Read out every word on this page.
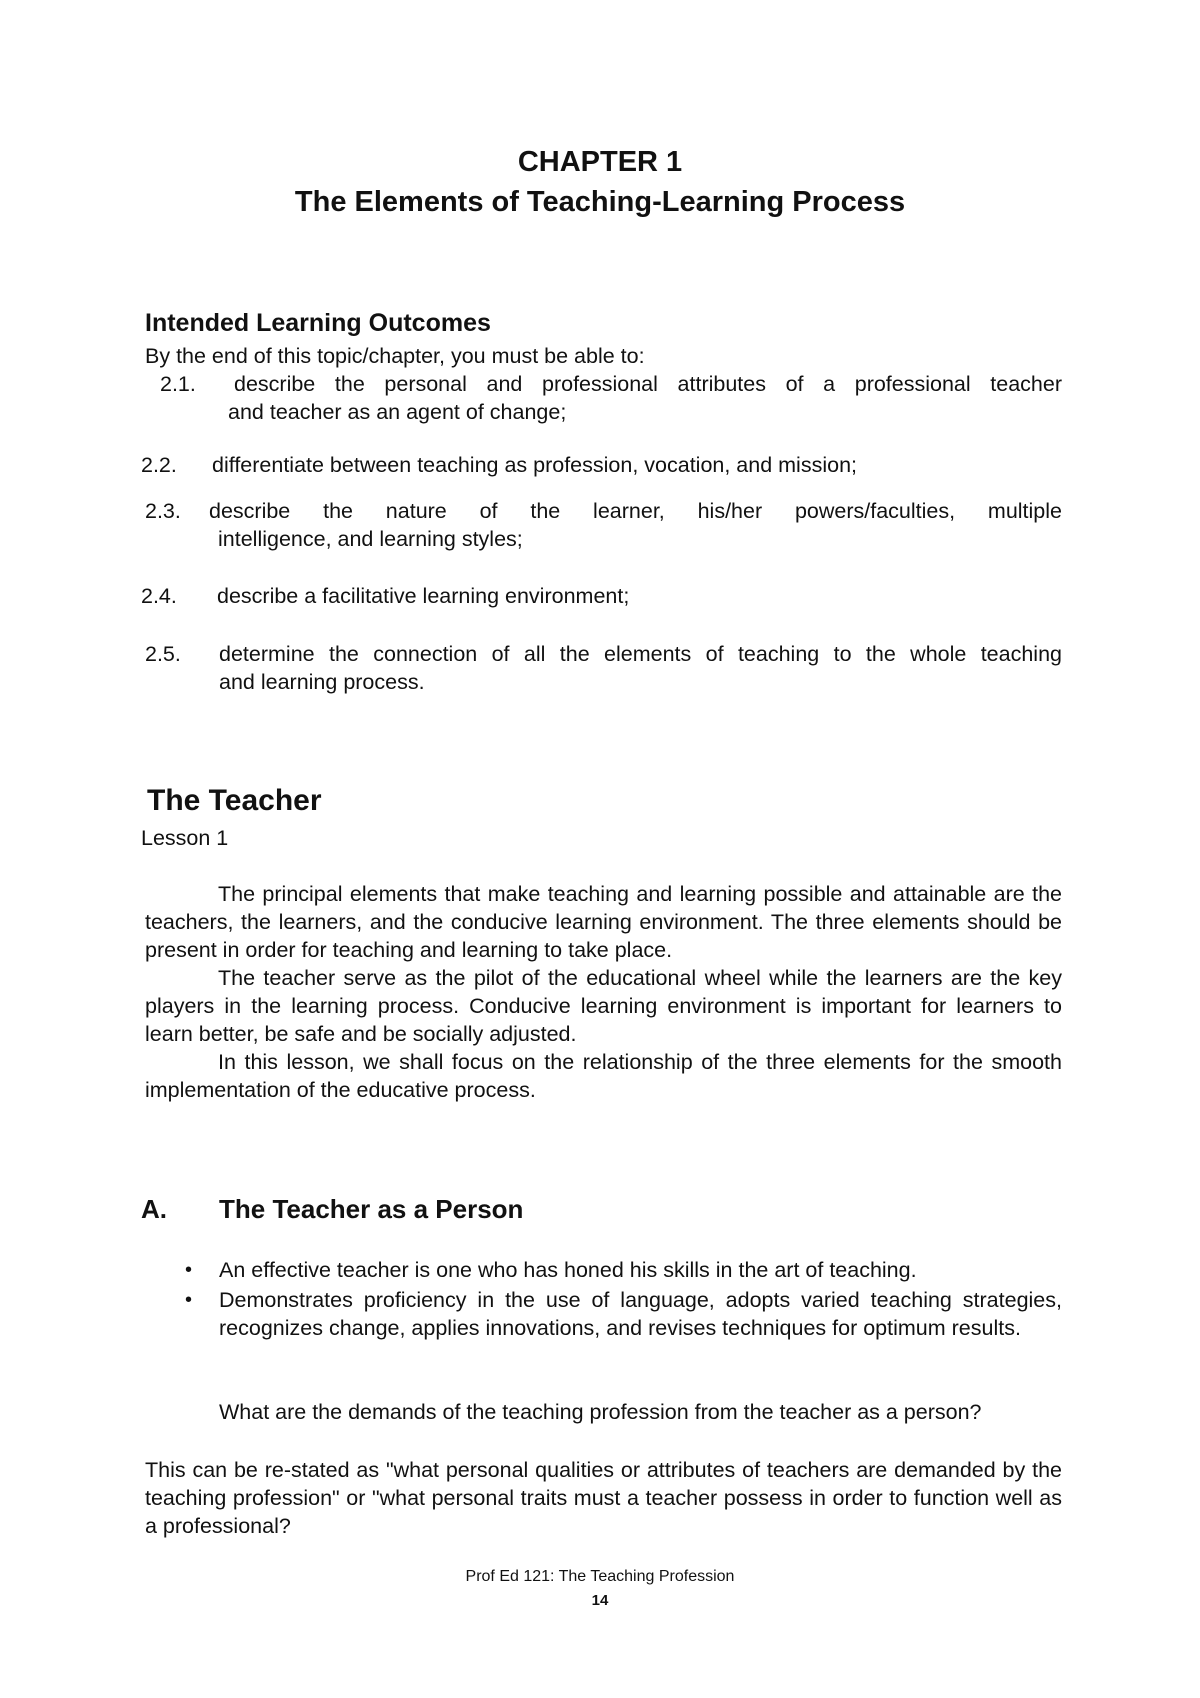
CHAPTER 1
The Elements of Teaching-Learning Process
Intended Learning Outcomes
By the end of this topic/chapter, you must be able to:
2.1. describe the personal and professional attributes of a professional teacher
and teacher as an agent of change;
2.2. differentiate between teaching as profession, vocation, and mission;
2.3. describe the nature of the learner, his/her powers/faculties, multiple
intelligence, and learning styles;
2.4. describe a facilitative learning environment;
2.5. determine the connection of all the elements of teaching to the whole teaching
and learning process.
The Teacher
Lesson 1

The principal elements that make teaching and learning possible and attainable are the teachers, the learners, and the conducive learning environment. The three elements should be present in order for teaching and learning to take place.

The teacher serve as the pilot of the educational wheel while the learners are the key players in the learning process. Conducive learning environment is important for learners to learn better, be safe and be socially adjusted.

In this lesson, we shall focus on the relationship of the three elements for the smooth implementation of the educative process.

A. The Teacher as a Person
• An effective teacher is one who has honed his skills in the art of teaching.
• Demonstrates proficiency in the use of language, adopts varied teaching strategies, recognizes change, applies innovations, and revises techniques for optimum results.
What are the demands of the teaching profession from the teacher as a person?
This can be re-stated as "what personal qualities or attributes of teachers are demanded by the teaching profession" or "what personal traits must a teacher possess in order to function well as a professional?
Prof Ed 121: The Teaching Profession
14
